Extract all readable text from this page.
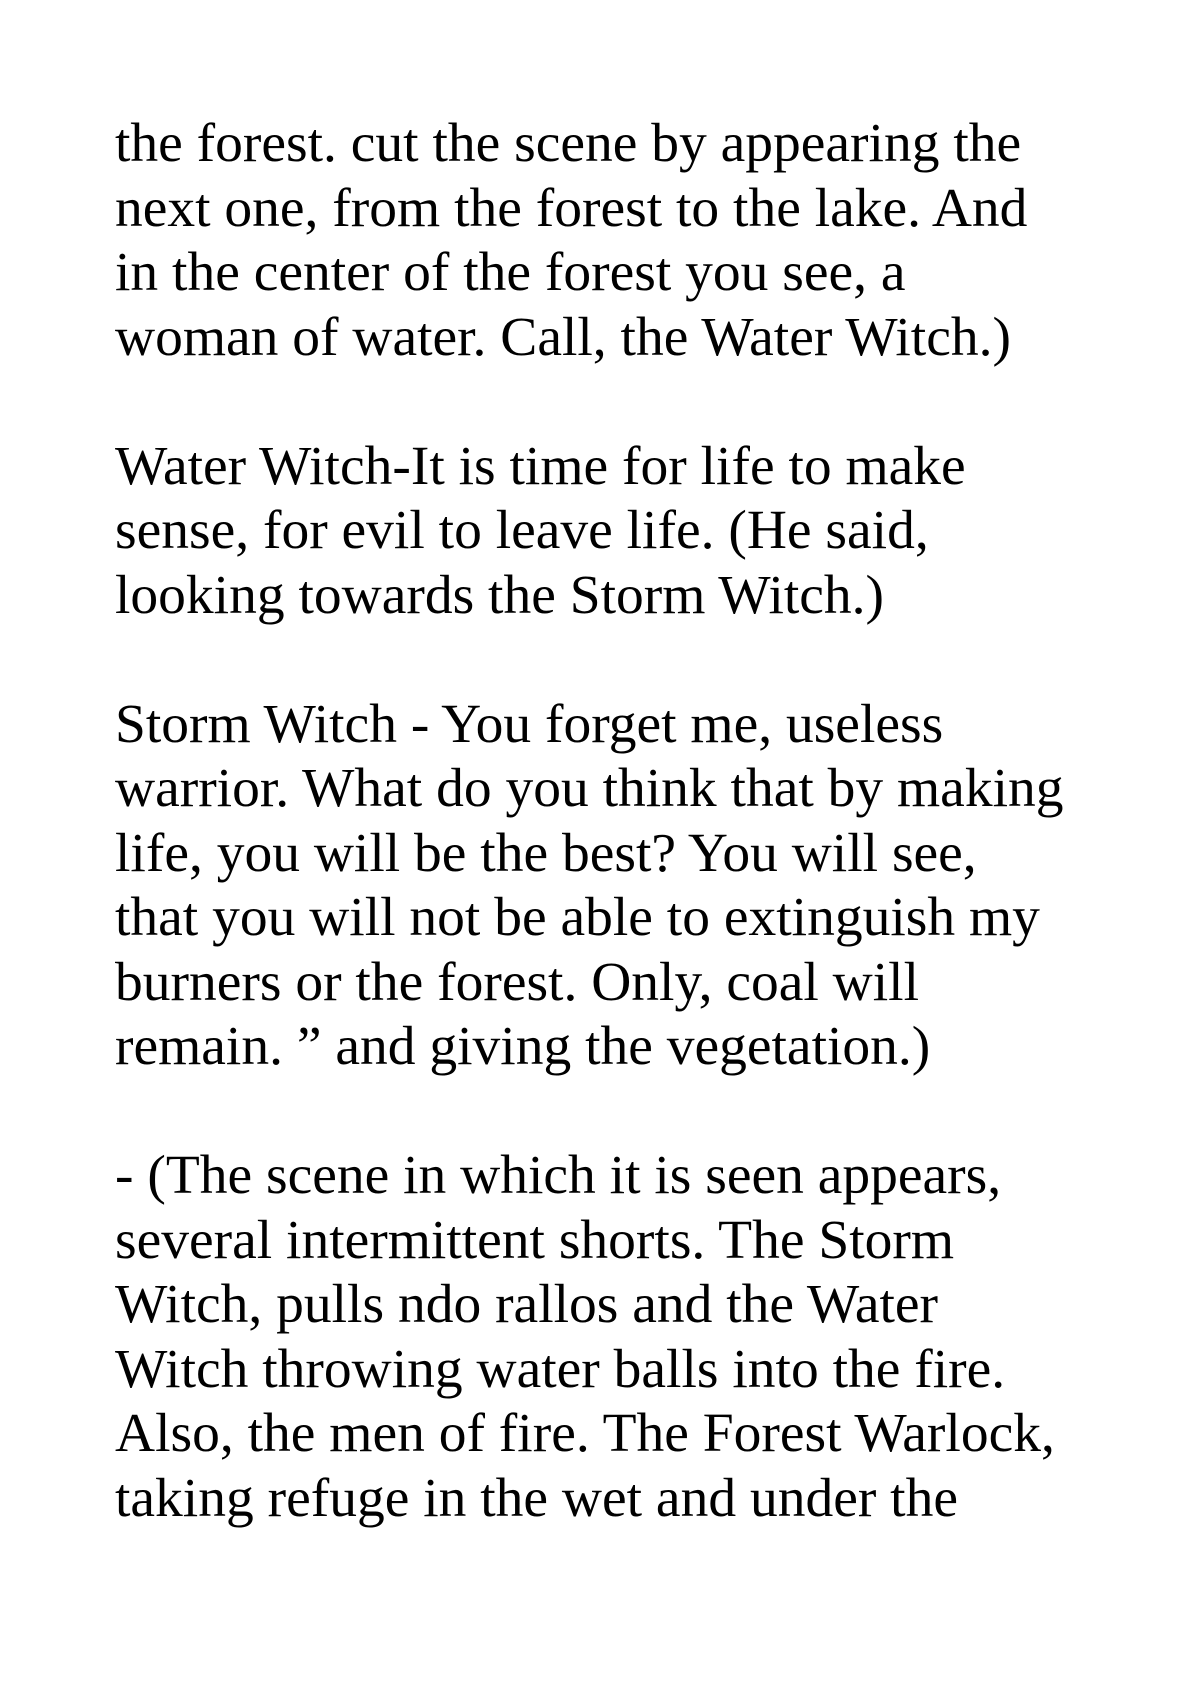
the forest. cut the scene by appearing the
next one, from the forest to the lake. And
in the center of the forest you see, a
woman of water. Call, the Water Witch.)

Water Witch-It is time for life to make
sense, for evil to leave life. (He said,
looking towards the Storm Witch.)

Storm Witch - You forget me, useless
warrior. What do you think that by making
life, you will be the best? You will see,
that you will not be able to extinguish my
burners or the forest. Only, coal will
remain. ” and giving the vegetation.)

- (The scene in which it is seen appears,
several intermittent shorts. The Storm
Witch, pulls ndo rallos and the Water
Witch throwing water balls into the fire.
Also, the men of fire. The Forest Warlock,
taking refuge in the wet and under the
